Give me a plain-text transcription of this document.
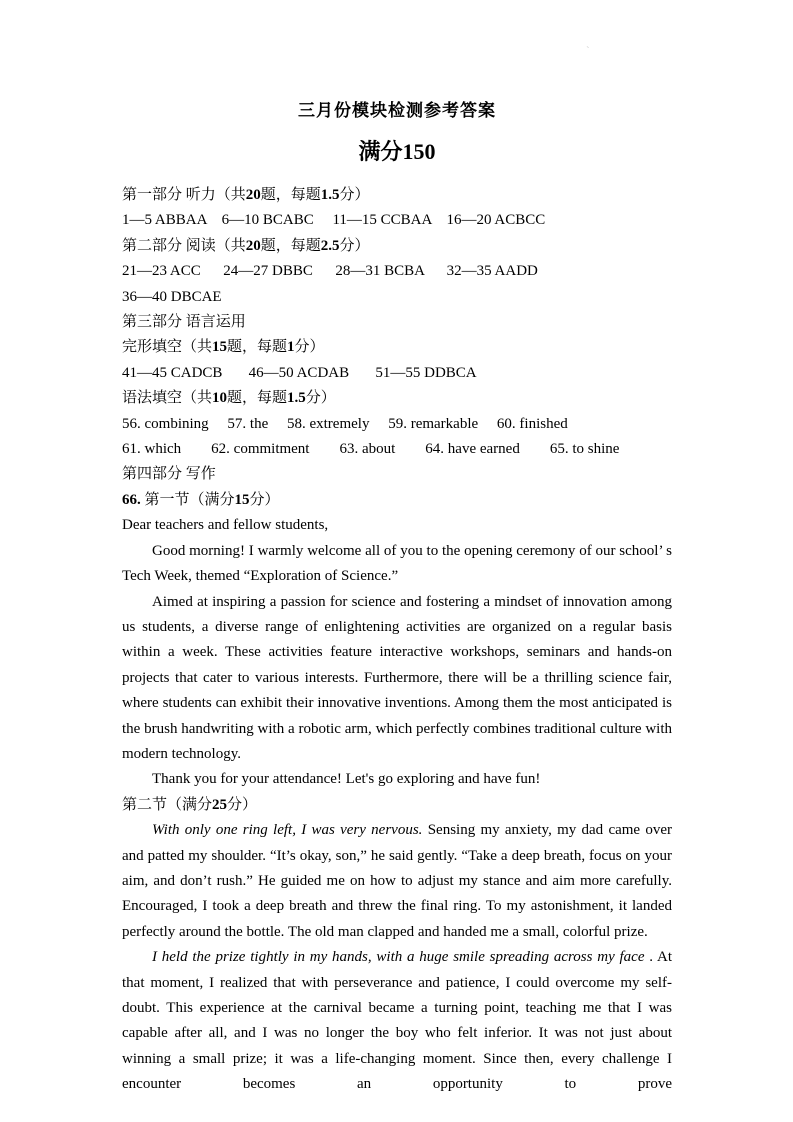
ˋ
三月份模块检测参考答案
满分150

第一部分 听力（共20题，每题1.5分）

1—5 ABBAA    6—10 BCABC     11—15 CCBAA    16—20 ACBCC

第二部分 阅读（共20题，每题2.5分）

21—23 ACC      24—27 DBBC      28—31 BCBA      32—35 AADD

36—40 DBCAE

第三部分 语言运用

完形填空（共15题，每题1分）

41—45 CADCB       46—50 ACDAB       51—55 DDBCA

语法填空（共10题，每题1.5分）

56. combining     57. the     58. extremely     59. remarkable     60. finished

61. which        62. commitment        63. about        64. have earned        65. to shine

第四部分 写作

66. 第一节（满分15分）

Dear teachers and fellow students,

Good morning! I warmly welcome all of you to the opening ceremony of our school’ s Tech Week, themed “Exploration of Science.”

Aimed at inspiring a passion for science and fostering a mindset of innovation among us students, a diverse range of enlightening activities are organized on a regular basis within a week. These activities feature interactive workshops, seminars and hands-on projects that cater to various interests. Furthermore, there will be a thrilling science fair, where students can exhibit their innovative inventions. Among them the most anticipated is the brush handwriting with a robotic arm, which perfectly combines traditional culture with modern technology.

Thank you for your attendance! Let's go exploring and have fun!

第二节（满分25分）

With only one ring left, I was very nervous. Sensing my anxiety, my dad came over and patted my shoulder. “It’s okay, son,” he said gently. “Take a deep breath, focus on your aim, and don’t rush.” He guided me on how to adjust my stance and aim more carefully. Encouraged, I took a deep breath and threw the final ring. To my astonishment, it landed perfectly around the bottle. The old man clapped and handed me a small, colorful prize.

I held the prize tightly in my hands, with a huge smile spreading across my face . At that moment, I realized that with perseverance and patience, I could overcome my self-doubt. This experience at the carnival became a turning point, teaching me that I was capable after all, and I was no longer the boy who felt inferior. It was not just about winning a small prize; it was a life-changing moment. Since then, every challenge I encounter becomes an opportunity to prove
